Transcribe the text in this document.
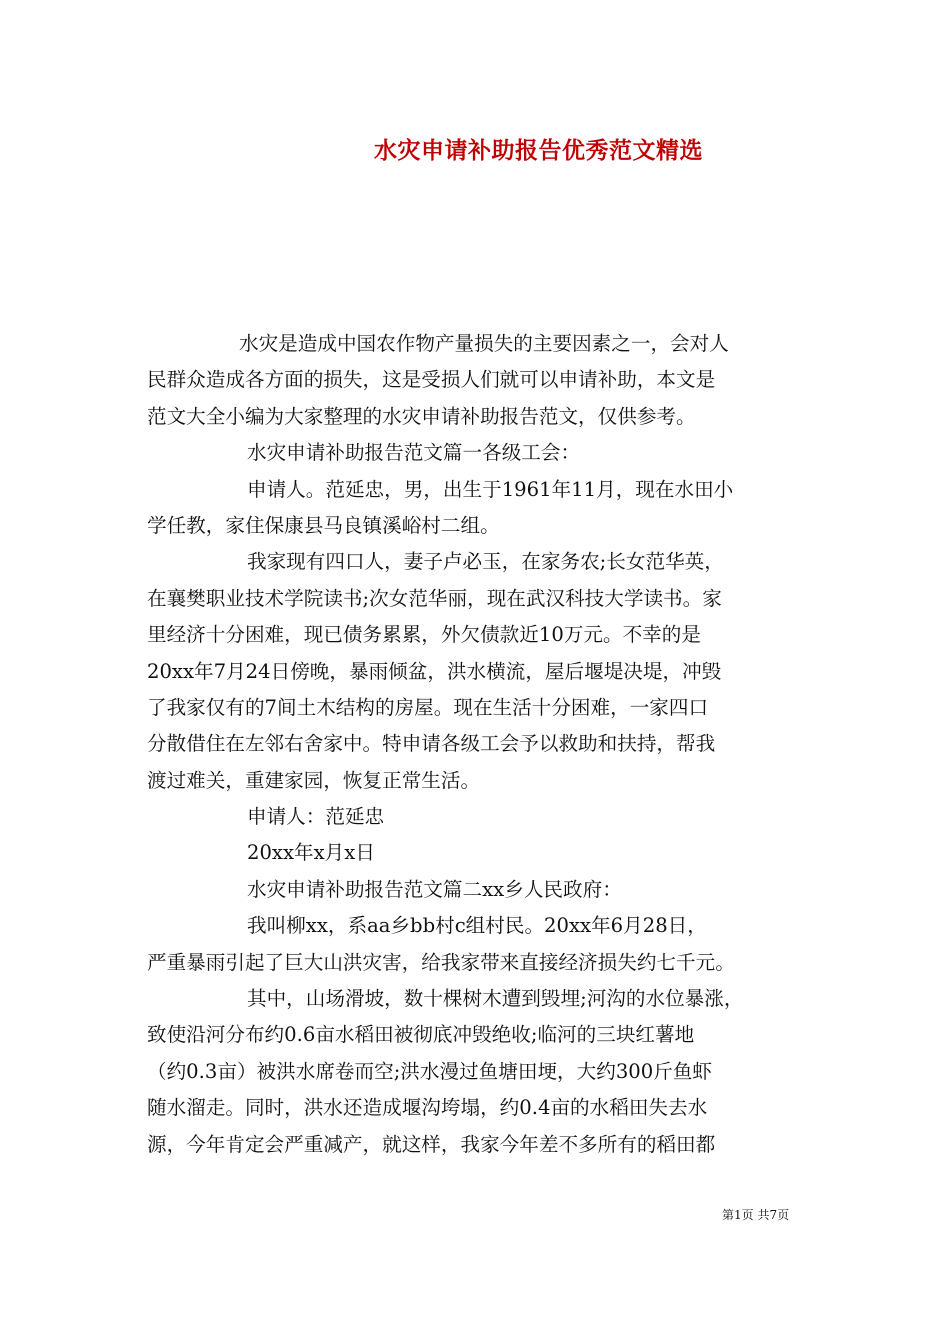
水灾申请补助报告优秀范文精选
水灾是造成中国农作物产量损失的主要因素之一，会对人
民群众造成各方面的损失，这是受损人们就可以申请补助，本文是
范文大全小编为大家整理的水灾申请补助报告范文，仅供参考。
水灾申请补助报告范文篇一各级工会：
申请人。范延忠，男，出生于1961年11月，现在水田小
学任教，家住保康县马良镇溪峪村二组。
我家现有四口人，妻子卢必玉，在家务农;长女范华英，
在襄樊职业技术学院读书;次女范华丽，现在武汉科技大学读书。家
里经济十分困难，现已债务累累，外欠债款近10万元。不幸的是
20xx年7月24日傍晚，暴雨倾盆，洪水横流，屋后堰堤决堤，冲毁
了我家仅有的7间土木结构的房屋。现在生活十分困难，一家四口
分散借住在左邻右舍家中。特申请各级工会予以救助和扶持，帮我
渡过难关，重建家园，恢复正常生活。
申请人：范延忠
20xx年x月x日
水灾申请补助报告范文篇二xx乡人民政府：
我叫柳xx，系aa乡bb村c组村民。20xx年6月28日，
严重暴雨引起了巨大山洪灾害，给我家带来直接经济损失约七千元。
其中，山场滑坡，数十棵树木遭到毁埋;河沟的水位暴涨，
致使沿河分布约0.6亩水稻田被彻底冲毁绝收;临河的三块红薯地
（约0.3亩）被洪水席卷而空;洪水漫过鱼塘田埂，大约300斤鱼虾
随水溜走。同时，洪水还造成堰沟垮塌，约0.4亩的水稻田失去水
源，今年肯定会严重减产，就这样，我家今年差不多所有的稻田都
第1页 共7页
